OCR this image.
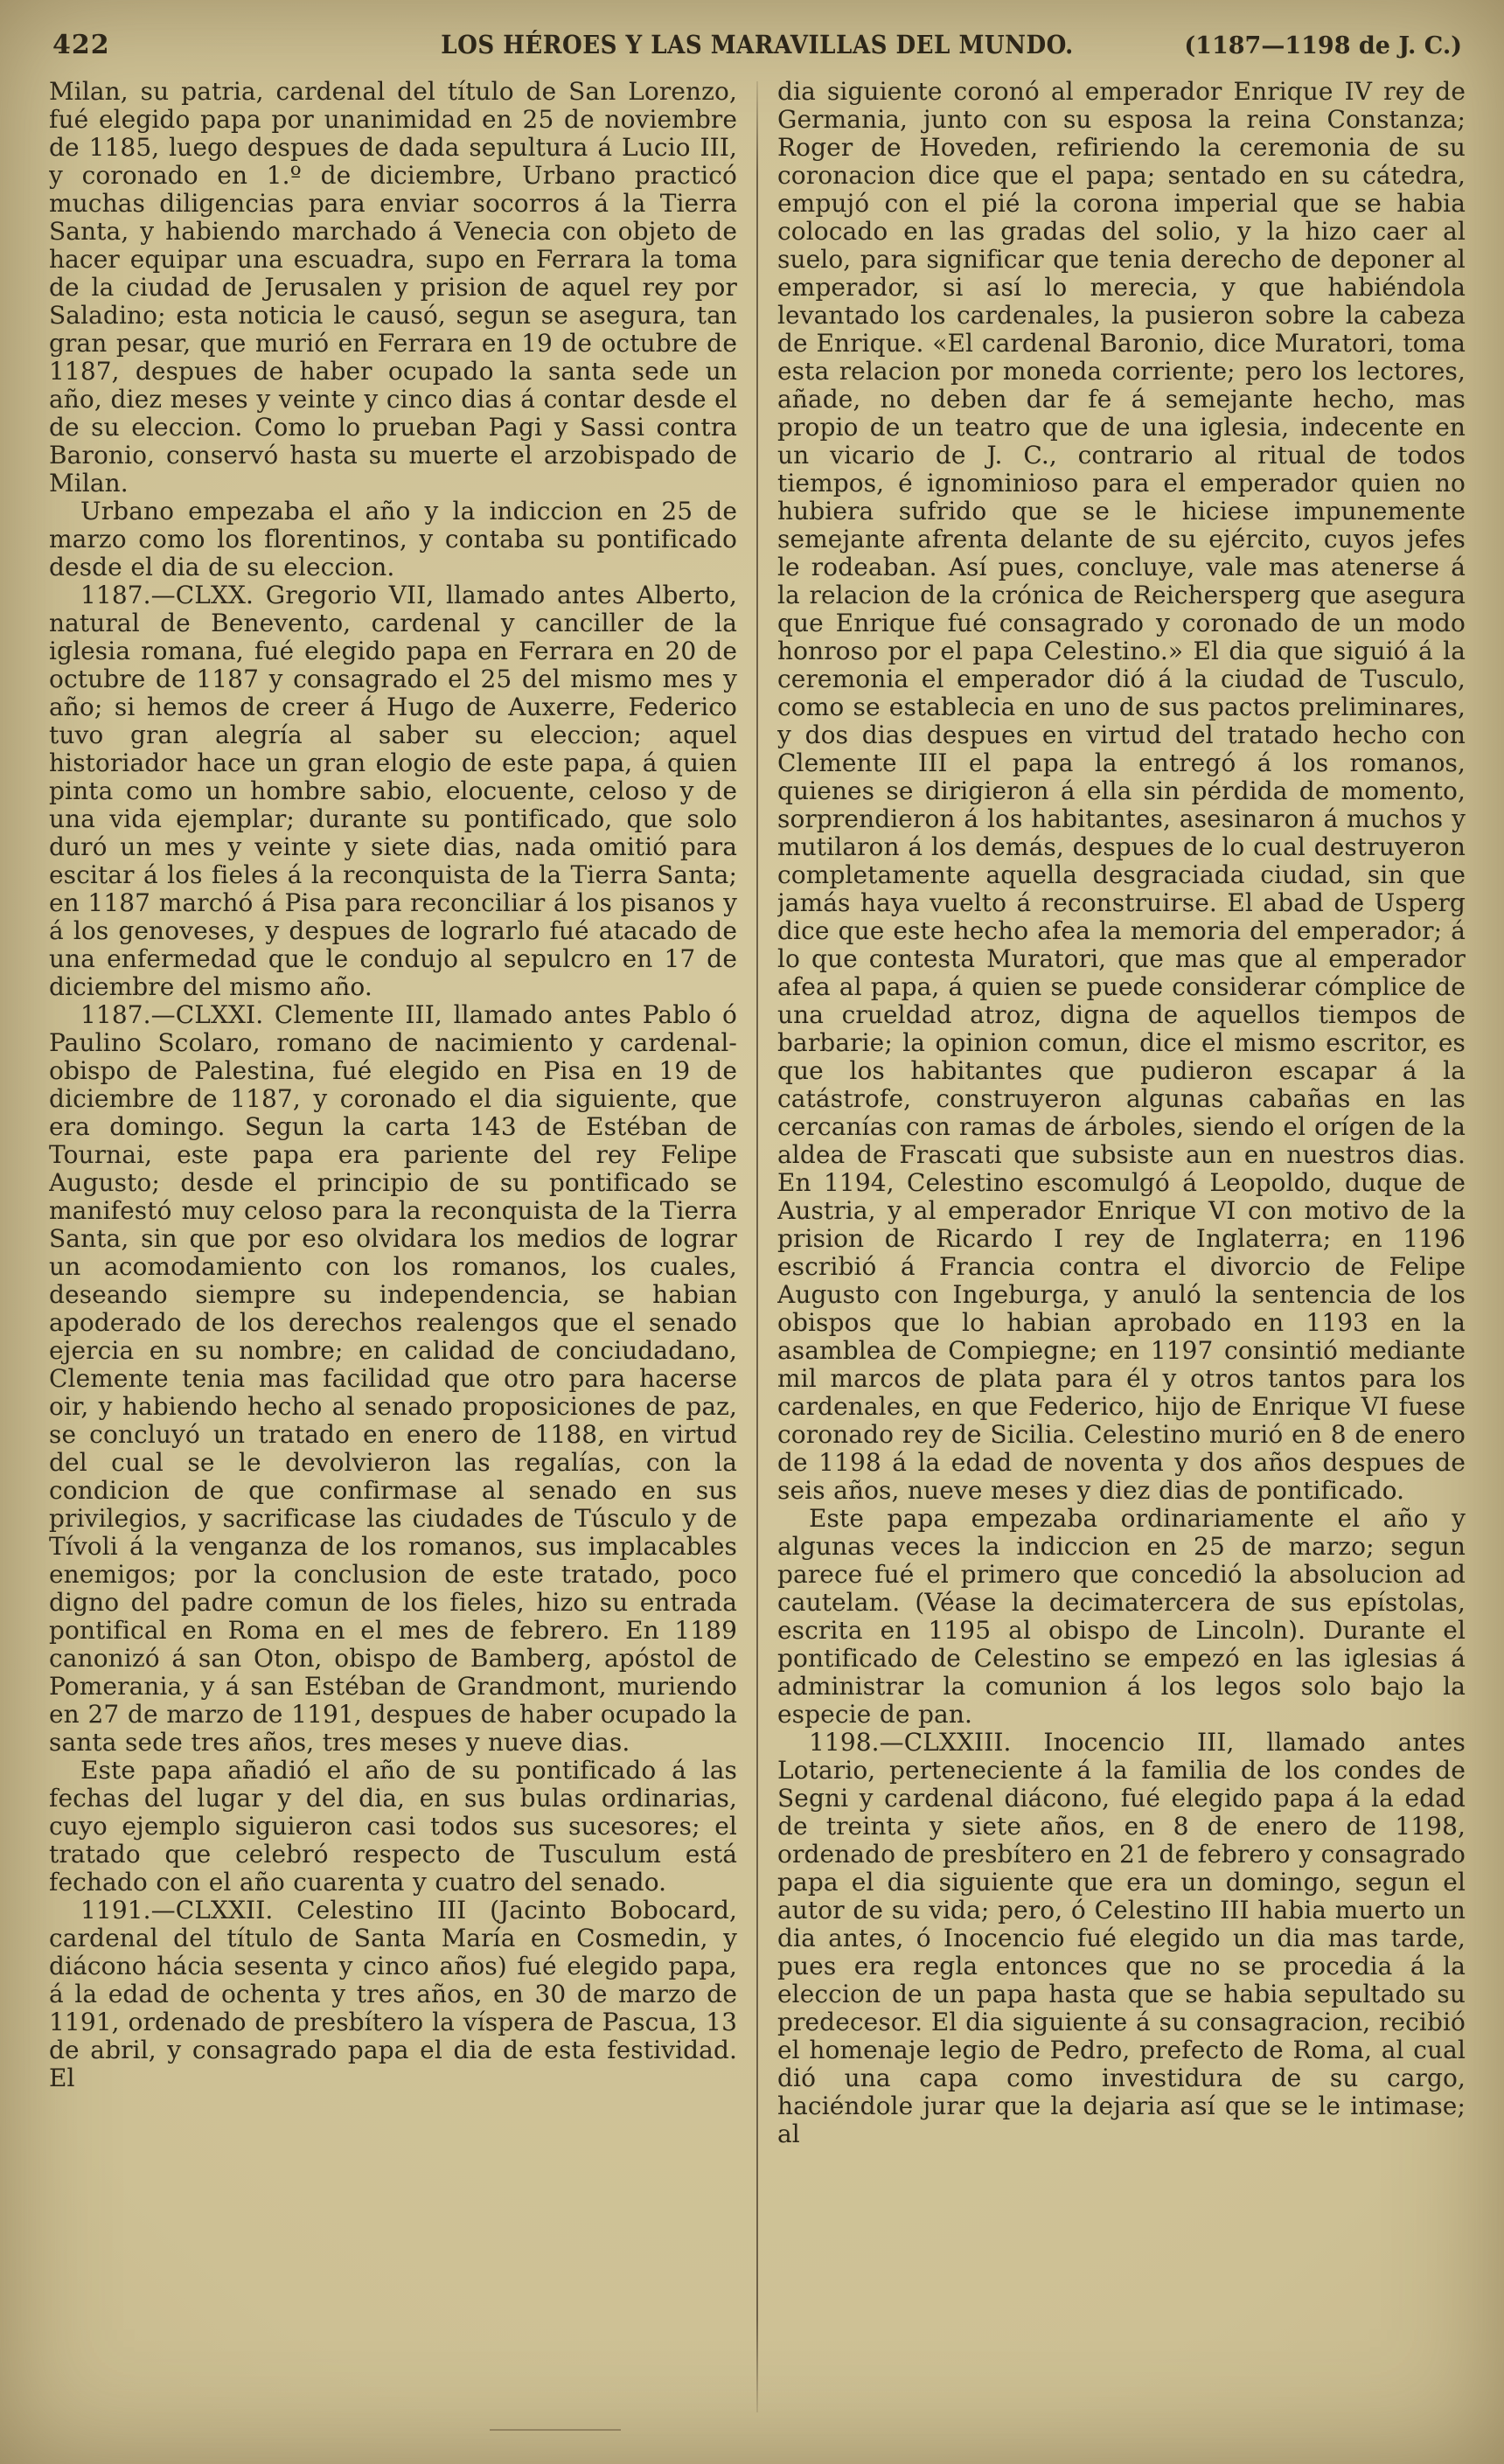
422	LOS HÉROES Y LAS MARAVILLAS DEL MUNDO.	(1187—1198 de J. C.)

Milan, su patria, cardenal del título de San Lorenzo, fué elegido papa por unanimidad en 25 de noviembre de 1185, luego despues de dada sepultura á Lucio III, y coronado en 1.º de diciembre, Urbano practicó muchas diligencias para enviar socorros á la Tierra Santa, y habiendo marchado á Venecia con objeto de hacer equipar una escuadra, supo en Ferrara la toma de la ciudad de Jerusalen y prision de aquel rey por Saladino; esta noticia le causó, segun se asegura, tan gran pesar, que murió en Ferrara en 19 de octubre de 1187, despues de haber ocupado la santa sede un año, diez meses y veinte y cinco dias á contar desde el de su eleccion. Como lo prueban Pagi y Sassi contra Baronio, conservó hasta su muerte el arzobispado de Milan.

Urbano empezaba el año y la indiccion en 25 de marzo como los florentinos, y contaba su pontificado desde el dia de su eleccion.

1187.—CLXX. Gregorio VII, llamado antes Alberto, natural de Benevento, cardenal y canciller de la iglesia romana, fué elegido papa en Ferrara en 20 de octubre de 1187 y consagrado el 25 del mismo mes y año; si hemos de creer á Hugo de Auxerre, Federico tuvo gran alegría al saber su eleccion; aquel historiador hace un gran elogio de este papa, á quien pinta como un hombre sabio, elocuente, celoso y de una vida ejemplar; durante su pontificado, que solo duró un mes y veinte y siete dias, nada omitió para escitar á los fieles á la reconquista de la Tierra Santa; en 1187 marchó á Pisa para reconciliar á los pisanos y á los genoveses, y despues de lograrlo fué atacado de una enfermedad que le condujo al sepulcro en 17 de diciembre del mismo año.

1187.—CLXXI. Clemente III, llamado antes Pablo ó Paulino Scolaro, romano de nacimiento y cardenal-obispo de Palestina, fué elegido en Pisa en 19 de diciembre de 1187, y coronado el dia siguiente, que era domingo. Segun la carta 143 de Estéban de Tournai, este papa era pariente del rey Felipe Augusto; desde el principio de su pontificado se manifestó muy celoso para la reconquista de la Tierra Santa, sin que por eso olvidara los medios de lograr un acomodamiento con los romanos, los cuales, deseando siempre su independencia, se habian apoderado de los derechos realengos que el senado ejercia en su nombre; en calidad de conciudadano, Clemente tenia mas facilidad que otro para hacerse oir, y habiendo hecho al senado proposiciones de paz, se concluyó un tratado en enero de 1188, en virtud del cual se le devolvieron las regalías, con la condicion de que confirmase al senado en sus privilegios, y sacrificase las ciudades de Túsculo y de Tívoli á la venganza de los romanos, sus implacables enemigos; por la conclusion de este tratado, poco digno del padre comun de los fieles, hizo su entrada pontifical en Roma en el mes de febrero. En 1189 canonizó á san Oton, obispo de Bamberg, apóstol de Pomerania, y á san Estéban de Grandmont, muriendo en 27 de marzo de 1191, despues de haber ocupado la santa sede tres años, tres meses y nueve dias.

Este papa añadió el año de su pontificado á las fechas del lugar y del dia, en sus bulas ordinarias, cuyo ejemplo siguieron casi todos sus sucesores; el tratado que celebró respecto de Tusculum está fechado con el año cuarenta y cuatro del senado.

1191.—CLXXII. Celestino III (Jacinto Bobocard, cardenal del título de Santa María en Cosmedin, y diácono hácia sesenta y cinco años) fué elegido papa, á la edad de ochenta y tres años, en 30 de marzo de 1191, ordenado de presbítero la víspera de Pascua, 13 de abril, y consagrado papa el dia de esta festividad. El

dia siguiente coronó al emperador Enrique IV rey de Germania, junto con su esposa la reina Constanza; Roger de Hoveden, refiriendo la ceremonia de su coronacion dice que el papa; sentado en su cátedra, empujó con el pié la corona imperial que se habia colocado en las gradas del solio, y la hizo caer al suelo, para significar que tenia derecho de deponer al emperador, si así lo merecia, y que habiéndola levantado los cardenales, la pusieron sobre la cabeza de Enrique. «El cardenal Baronio, dice Muratori, toma esta relacion por moneda corriente; pero los lectores, añade, no deben dar fe á semejante hecho, mas propio de un teatro que de una iglesia, indecente en un vicario de J. C., contrario al ritual de todos tiempos, é ignominioso para el emperador quien no hubiera sufrido que se le hiciese impunemente semejante afrenta delante de su ejército, cuyos jefes le rodeaban. Así pues, concluye, vale mas atenerse á la relacion de la crónica de Reichersperg que asegura que Enrique fué consagrado y coronado de un modo honroso por el papa Celestino.» El dia que siguió á la ceremonia el emperador dió á la ciudad de Tusculo, como se establecia en uno de sus pactos preliminares, y dos dias despues en virtud del tratado hecho con Clemente III el papa la entregó á los romanos, quienes se dirigieron á ella sin pérdida de momento, sorprendieron á los habitantes, asesinaron á muchos y mutilaron á los demás, despues de lo cual destruyeron completamente aquella desgraciada ciudad, sin que jamás haya vuelto á reconstruirse. El abad de Usperg dice que este hecho afea la memoria del emperador; á lo que contesta Muratori, que mas que al emperador afea al papa, á quien se puede considerar cómplice de una crueldad atroz, digna de aquellos tiempos de barbarie; la opinion comun, dice el mismo escritor, es que los habitantes que pudieron escapar á la catástrofe, construyeron algunas cabañas en las cercanías con ramas de árboles, siendo el orígen de la aldea de Frascati que subsiste aun en nuestros dias. En 1194, Celestino escomulgó á Leopoldo, duque de Austria, y al emperador Enrique VI con motivo de la prision de Ricardo I rey de Inglaterra; en 1196 escribió á Francia contra el divorcio de Felipe Augusto con Ingeburga, y anuló la sentencia de los obispos que lo habian aprobado en 1193 en la asamblea de Compiegne; en 1197 consintió mediante mil marcos de plata para él y otros tantos para los cardenales, en que Federico, hijo de Enrique VI fuese coronado rey de Sicilia. Celestino murió en 8 de enero de 1198 á la edad de noventa y dos años despues de seis años, nueve meses y diez dias de pontificado.

Este papa empezaba ordinariamente el año y algunas veces la indiccion en 25 de marzo; segun parece fué el primero que concedió la absolucion ad cautelam. (Véase la decimatercera de sus epístolas, escrita en 1195 al obispo de Lincoln). Durante el pontificado de Celestino se empezó en las iglesias á administrar la comunion á los legos solo bajo la especie de pan.

1198.—CLXXIII. Inocencio III, llamado antes Lotario, perteneciente á la familia de los condes de Segni y cardenal diácono, fué elegido papa á la edad de treinta y siete años, en 8 de enero de 1198, ordenado de presbítero en 21 de febrero y consagrado papa el dia siguiente que era un domingo, segun el autor de su vida; pero, ó Celestino III habia muerto un dia antes, ó Inocencio fué elegido un dia mas tarde, pues era regla entonces que no se procedia á la eleccion de un papa hasta que se habia sepultado su predecesor. El dia siguiente á su consagracion, recibió el homenaje legio de Pedro, prefecto de Roma, al cual dió una capa como investidura de su cargo, haciéndole jurar que la dejaria así que se le intimase; al
